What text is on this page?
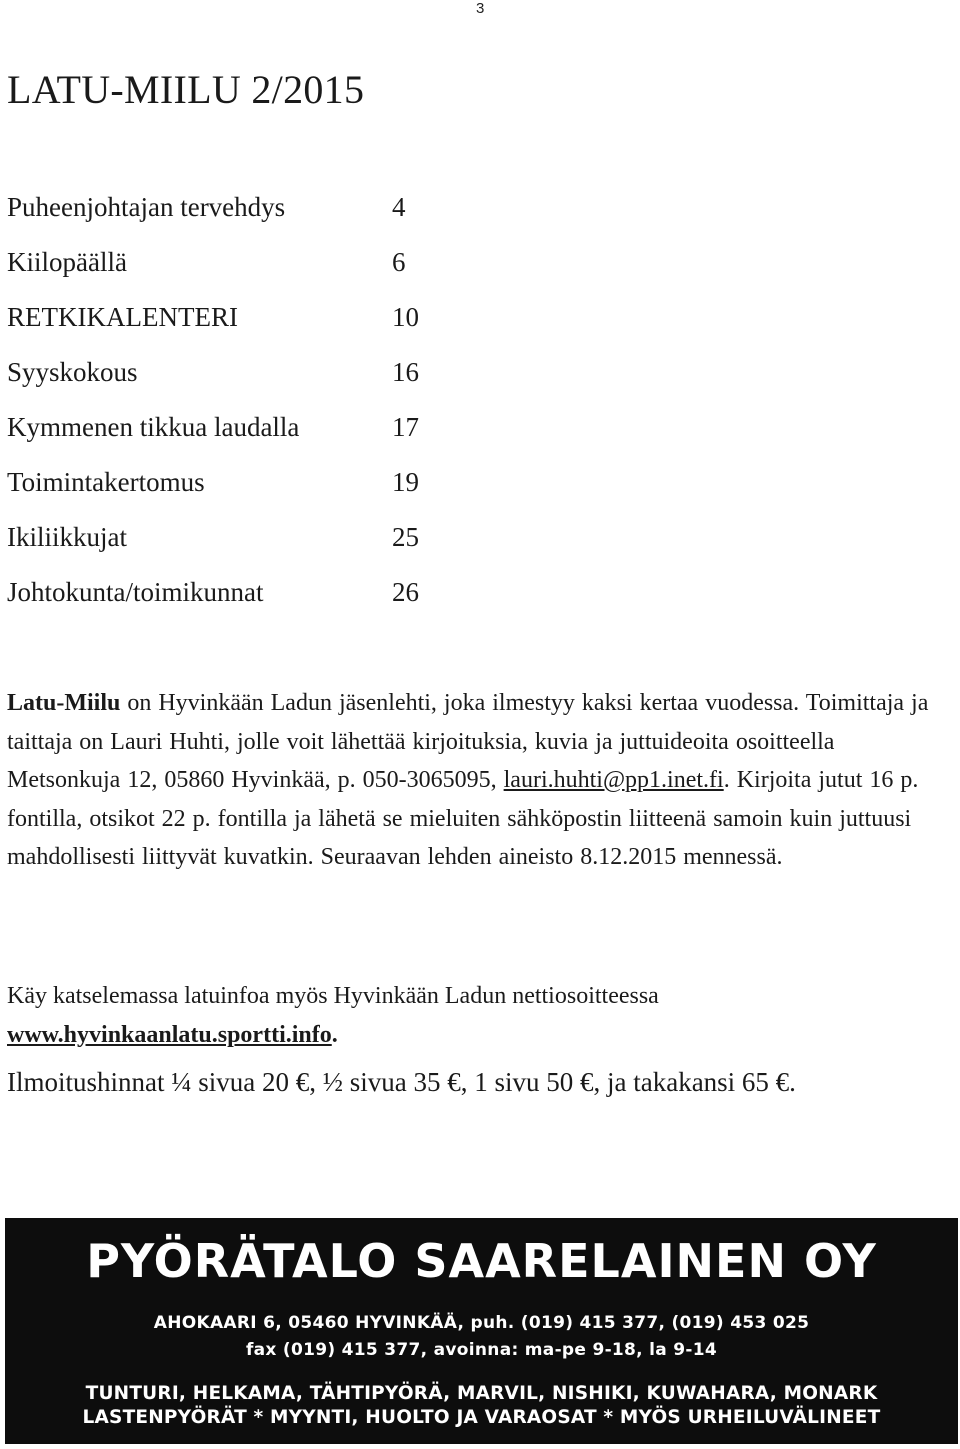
3
LATU-MIILU 2/2015
Puheenjohtajan tervehdys	4
Kiilopäällä	6
RETKIKALENTERI	10
Syyskokous	16
Kymmenen tikkua laudalla	17
Toimintakertomus	19
Ikiliikkujat	25
Johtokunta/toimikunnat	26

Latu-Miilu on Hyvinkään Ladun jäsenlehti, joka ilmestyy kaksi kertaa vuodessa. Toimittaja ja taittaja on Lauri Huhti, jolle voit lähettää kirjoituksia, kuvia ja juttuideoita osoitteella Metsonkuja 12, 05860 Hyvinkää, p. 050-3065095, lauri.huhti@pp1.inet.fi. Kirjoita jutut 16 p. fontilla, otsikot 22 p. fontilla ja lähetä se mieluiten sähköpostin liitteenä samoin kuin juttuusi mahdollisesti liittyvät kuvatkin. Seuraavan lehden aineisto 8.12.2015 mennessä.

Käy katselemassa latuinfoa myös Hyvinkään Ladun nettiosoitteessa www.hyvinkaanlatu.sportti.info.

Ilmoitushinnat ¼ sivua 20 €, ½ sivua 35 €, 1 sivu 50 €, ja takakansi 65 €.

PYÖRÄTALO SAARELAINEN OY
AHOKAARI 6, 05460 HYVINKÄÄ, puh. (019) 415 377, (019) 453 025
fax (019) 415 377, avoinna: ma-pe 9-18, la 9-14
TUNTURI, HELKAMA, TÄHTIPYÖRÄ, MARVIL, NISHIKI, KUWAHARA, MONARK
LASTENPYÖRÄT * MYYNTI, HUOLTO JA VARAOSAT * MYÖS URHEILUVÄLINEET
